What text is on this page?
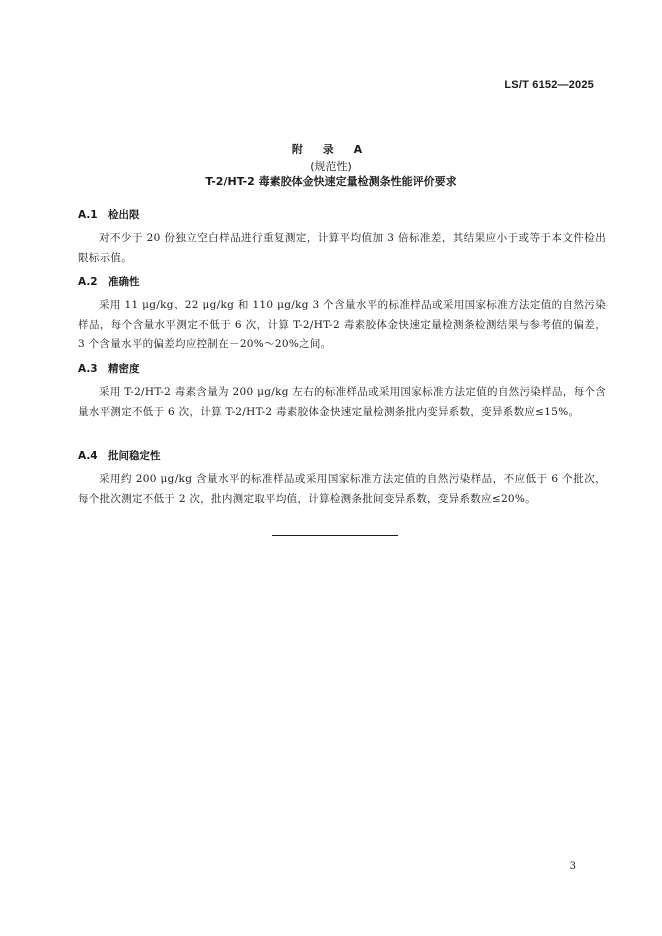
LS/T 6152—2025
附 录 A
(规范性)
T-2/HT-2 毒素胶体金快速定量检测条性能评价要求
A.1 检出限
对不少于 20 份独立空白样品进行重复测定，计算平均值加 3 倍标准差，其结果应小于或等于本文件检出限标示值。
A.2 准确性
采用 11 μg/kg、22 μg/kg 和 110 μg/kg 3 个含量水平的标准样品或采用国家标准方法定值的自然污染样品，每个含量水平测定不低于 6 次，计算 T-2/HT-2 毒素胶体金快速定量检测条检测结果与参考值的偏差，3 个含量水平的偏差均应控制在－20%～20%之间。
A.3 精密度
采用 T-2/HT-2 毒素含量为 200 μg/kg 左右的标准样品或采用国家标准方法定值的自然污染样品，每个含量水平测定不低于 6 次，计算 T-2/HT-2 毒素胶体金快速定量检测条批内变异系数，变异系数应≤15%。
A.4 批间稳定性
采用约 200 μg/kg 含量水平的标准样品或采用国家标准方法定值的自然污染样品，不应低于 6 个批次，每个批次测定不低于 2 次，批内测定取平均值，计算检测条批间变异系数，变异系数应≤20%。
3
